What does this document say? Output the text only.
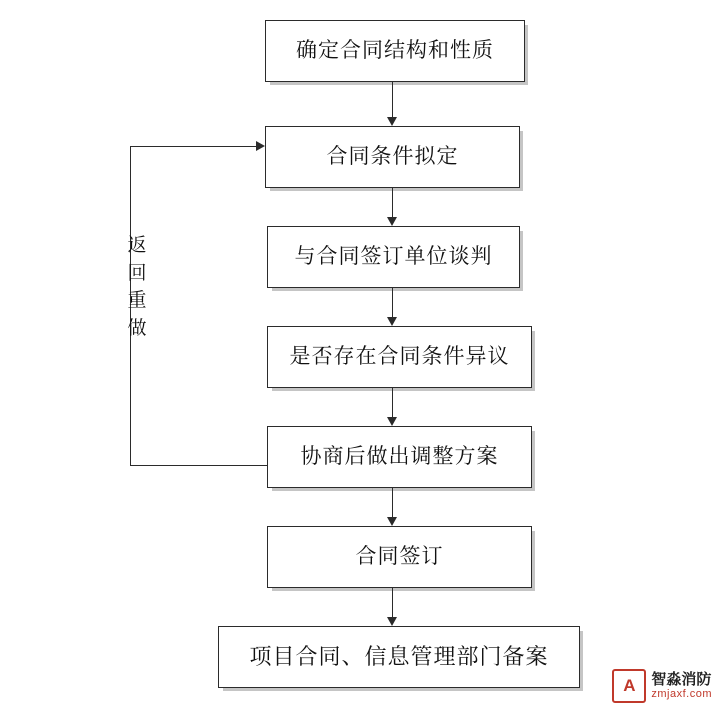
确定合同结构和性质
合同条件拟定
与合同签订单位谈判
是否存在合同条件异议
协商后做出调整方案
合同签订
项目合同、信息管理部门备案
返
回
重
做
A	智淼消防
zmjaxf.com
